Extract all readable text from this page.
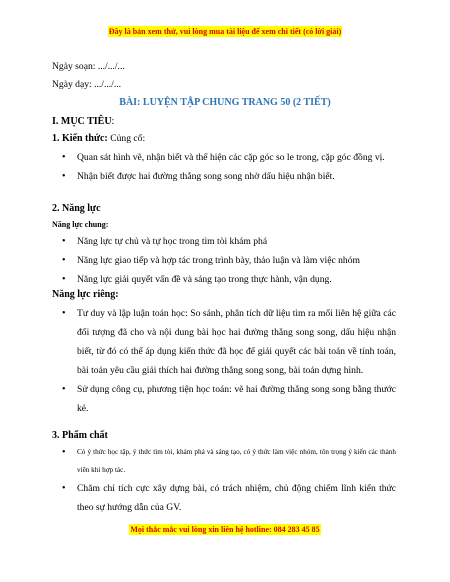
Đây là bản xem thử, vui lòng mua tài liệu để xem chi tiết (có lời giải)
Ngày soạn: .../.../...
Ngày dạy: .../.../...
BÀI: LUYỆN TẬP CHUNG TRANG 50 (2 TIẾT)
I. MỤC TIÊU:
1. Kiến thức: Củng cố:
• Quan sát hình vẽ, nhận biết và thể hiện các cặp góc so le trong, cặp góc đồng vị.
• Nhận biết được hai đường thẳng song song nhờ dấu hiệu nhận biết.
2. Năng lực
Năng lực chung:
• Năng lực tự chủ và tự học trong tìm tòi khám phá
• Năng lực giao tiếp và hợp tác trong trình bày, thảo luận và làm việc nhóm
• Năng lực giải quyết vấn đề và sáng tạo trong thực hành, vận dụng.
Năng lực riêng:
• Tư duy và lập luận toán học: So sánh, phân tích dữ liệu tìm ra mối liên hệ giữa các đối tượng đã cho và nội dung bài học hai đường thẳng song song, dấu hiệu nhận biết, từ đó có thể áp dụng kiến thức đã học để giải quyết các bài toán về tính toán, bài toán yêu cầu giải thích hai đường thẳng song song, bài toán dựng hình.
• Sử dụng công cụ, phương tiện học toán: vẽ hai đường thẳng song song bằng thước kẻ.
3. Phẩm chất
• Có ý thức học tập, ý thức tìm tòi, khám phá và sáng tạo, có ý thức làm việc nhóm, tôn trọng ý kiến các thành viên khi hợp tác.
• Chăm chỉ tích cực xây dựng bài, có trách nhiệm, chủ động chiếm lĩnh kiến thức theo sự hướng dẫn của GV.
Mọi thắc mắc vui lòng xin liên hệ hotline: 084 283 45 85
